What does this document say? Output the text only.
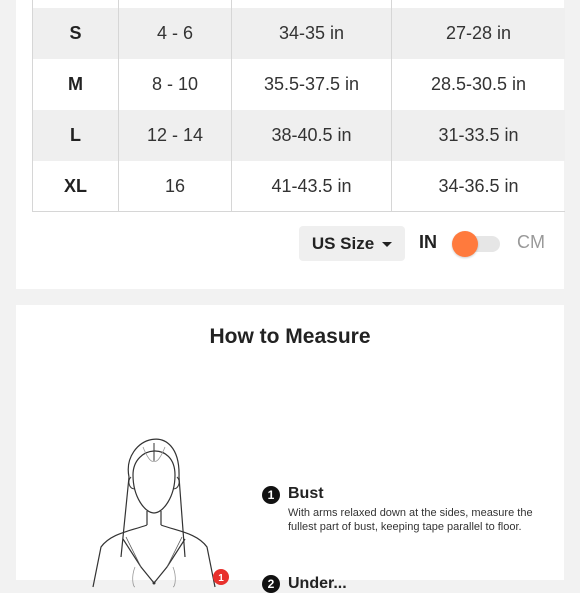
S	4 - 6	34-35 in	27-28 in
M	8 - 10	35.5-37.5 in	28.5-30.5 in
L	12 - 14	38-40.5 in	31-33.5 in
XL	16	41-43.5 in	34-36.5 in
US Size IN	CM
How to Measure
1
1 Bust
With arms relaxed down at the sides, measure the fullest part of bust, keeping tape parallel to floor.
2 Under...
